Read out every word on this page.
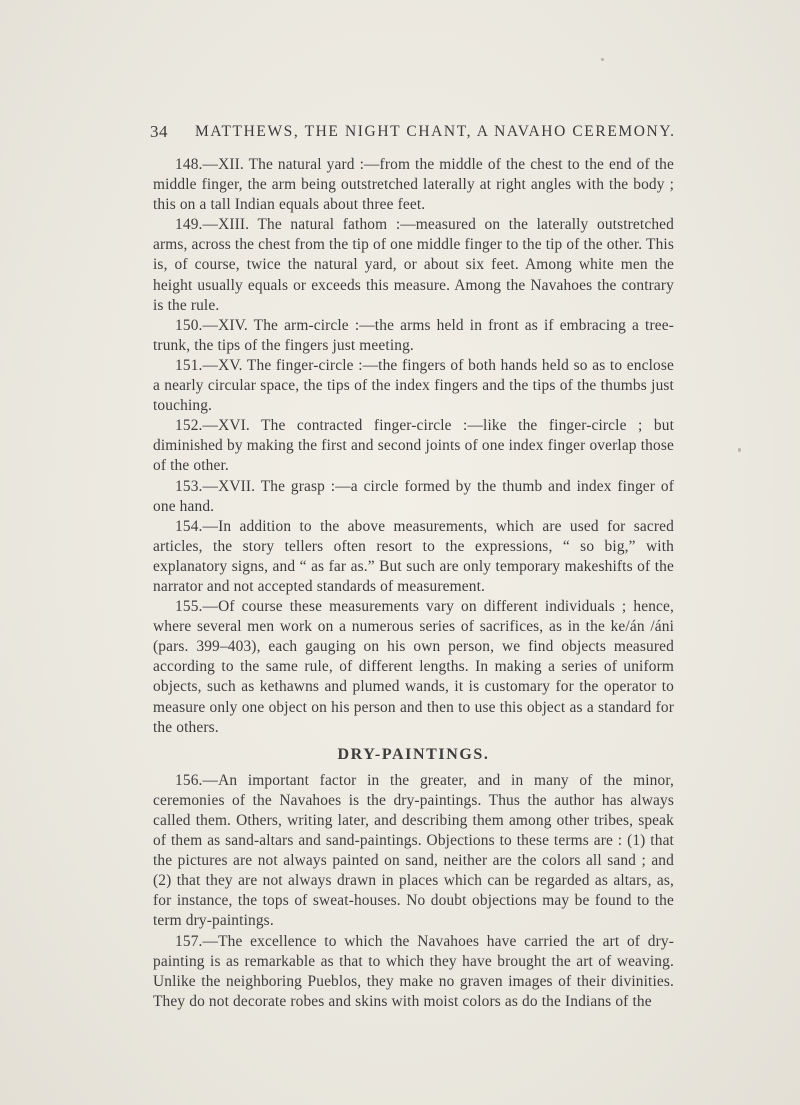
34 MATTHEWS, THE NIGHT CHANT, A NAVAHO CEREMONY.

148.—XII. The natural yard :—from the middle of the chest to the end of the middle finger, the arm being outstretched laterally at right angles with the body ; this on a tall Indian equals about three feet.

149.—XIII. The natural fathom :—measured on the laterally outstretched arms, across the chest from the tip of one middle finger to the tip of the other. This is, of course, twice the natural yard, or about six feet. Among white men the height usually equals or exceeds this measure. Among the Navahoes the contrary is the rule.

150.—XIV. The arm-circle :—the arms held in front as if embracing a tree-trunk, the tips of the fingers just meeting.

151.—XV. The finger-circle :—the fingers of both hands held so as to enclose a nearly circular space, the tips of the index fingers and the tips of the thumbs just touching.

152.—XVI. The contracted finger-circle :—like the finger-circle ; but diminished by making the first and second joints of one index finger overlap those of the other.

153.—XVII. The grasp :—a circle formed by the thumb and index finger of one hand.

154.—In addition to the above measurements, which are used for sacred articles, the story tellers often resort to the expressions, “ so big,” with explanatory signs, and “ as far as.” But such are only temporary makeshifts of the narrator and not accepted standards of measurement.

155.—Of course these measurements vary on different individuals ; hence, where several men work on a numerous series of sacrifices, as in the ke/án /áni (pars. 399–403), each gauging on his own person, we find objects measured according to the same rule, of different lengths. In making a series of uniform objects, such as kethawns and plumed wands, it is customary for the operator to measure only one object on his person and then to use this object as a standard for the others.

DRY-PAINTINGS.

156.—An important factor in the greater, and in many of the minor, ceremonies of the Navahoes is the dry-paintings. Thus the author has always called them. Others, writing later, and describing them among other tribes, speak of them as sand-altars and sand-paintings. Objections to these terms are : (1) that the pictures are not always painted on sand, neither are the colors all sand ; and (2) that they are not always drawn in places which can be regarded as altars, as, for instance, the tops of sweat-houses. No doubt objections may be found to the term dry-paintings.

157.—The excellence to which the Navahoes have carried the art of dry-painting is as remarkable as that to which they have brought the art of weaving. Unlike the neighboring Pueblos, they make no graven images of their divinities. They do not decorate robes and skins with moist colors as do the Indians of the
